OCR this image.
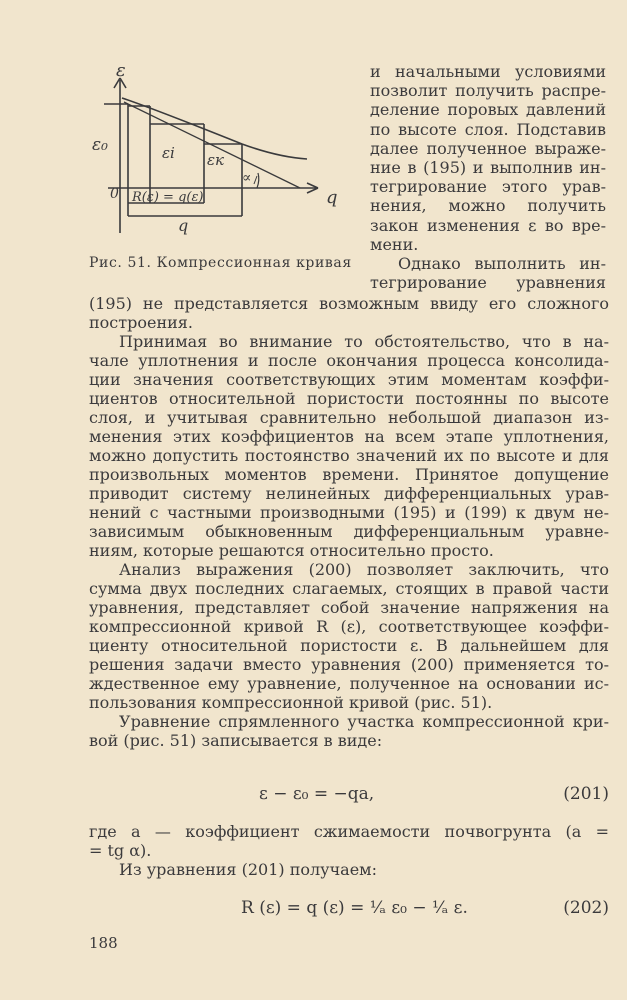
ε
ε₀	εi εк
∝
0	q
R(ε) = q(ε)
q
Рис. 51. Компрессионная кривая
и начальными условиями
позволит получить распре-
деление поровых давлений
по высоте слоя. Подставив
далее полученное выраже-
ние в (195) и выполнив ин-
тегрирование этого урав-
нения, можно получить
закон изменения ε во вре-
мени.
Однако выполнить ин-
тегрирование уравнения
(195) не представляется возможным ввиду его сложного
построения.
Принимая во внимание то обстоятельство, что в на-
чале уплотнения и после окончания процесса консолида-
ции значения соответствующих этим моментам коэффи-
циентов относительной пористости постоянны по высоте
слоя, и учитывая сравнительно небольшой диапазон из-
менения этих коэффициентов на всем этапе уплотнения,
можно допустить постоянство значений их по высоте и для
произвольных моментов времени. Принятое допущение
приводит систему нелинейных дифференциальных урав-
нений с частными производными (195) и (199) к двум не-
зависимым обыкновенным дифференциальным уравне-
ниям, которые решаются относительно просто.
Анализ выражения (200) позволяет заключить, что
сумма двух последних слагаемых, стоящих в правой части
уравнения, представляет собой значение напряжения на
компрессионной кривой R (ε), соответствующее коэффи-
циенту относительной пористости ε. В дальнейшем для
решения задачи вместо уравнения (200) применяется то-
ждественное ему уравнение, полученное на основании ис-
пользования компрессионной кривой (рис. 51).
Уравнение спрямленного участка компрессионной кри-
вой (рис. 51) записывается в виде:
ε − ε₀ = −qa,	(201)
где a — коэффициент сжимаемости почвогрунта (a =
= tg α).
Из уравнения (201) получаем:
R (ε) = q (ε) = ¹⁄ₐ ε₀ − ¹⁄ₐ ε.	(202)
188
